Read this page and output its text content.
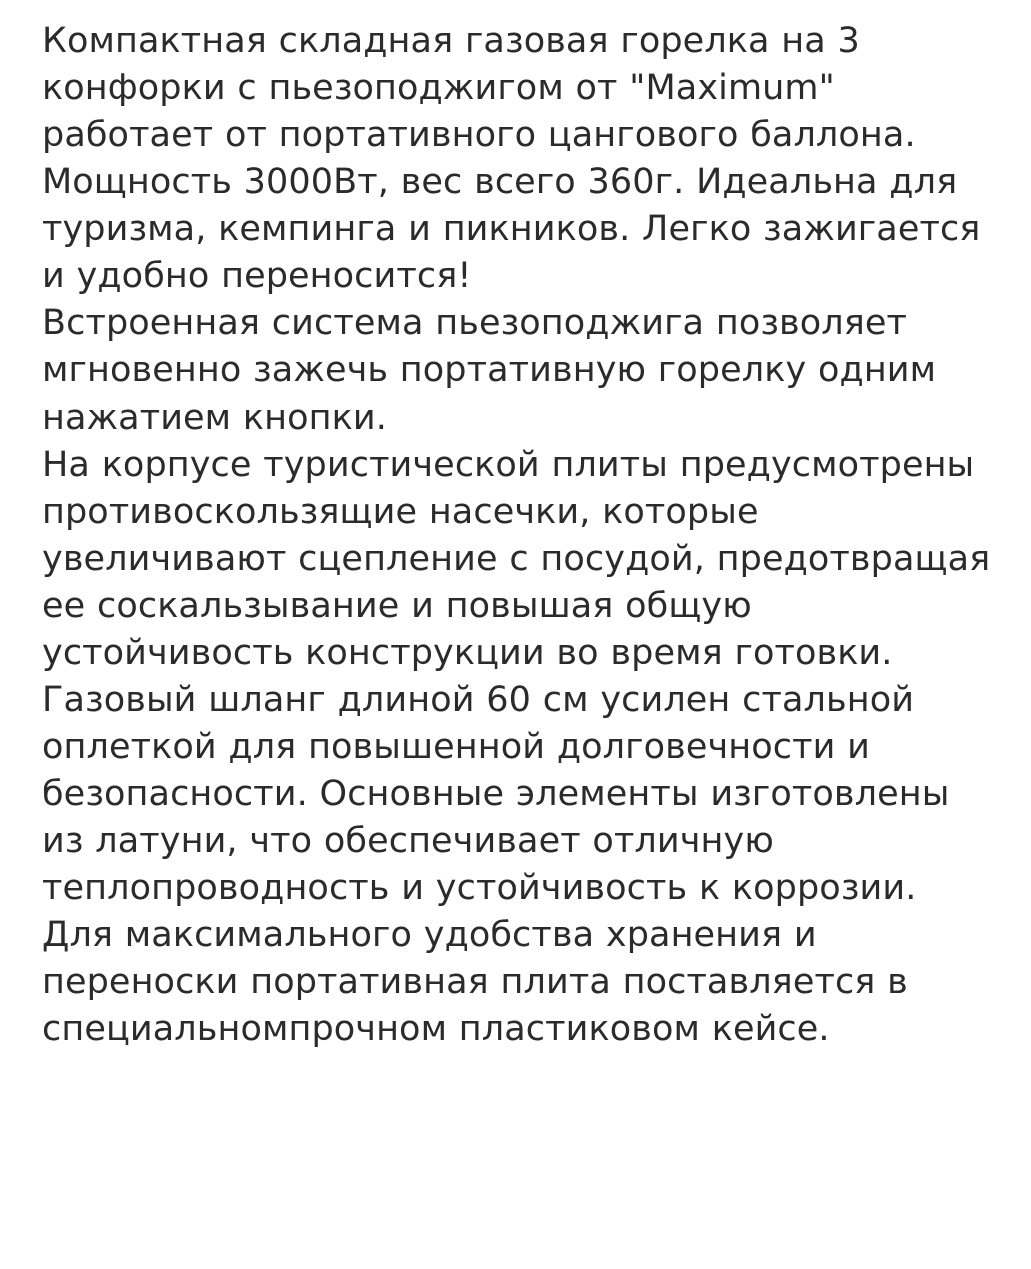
Компактная складная газовая горелка на 3 конфорки с пьезоподжигом от "Maximum" работает от портативного цангового баллона. Мощность 3000Вт, вес всего 360г. Идеальна для туризма, кемпинга и пикников. Легко зажигается и удобно переносится!

Встроенная система пьезоподжига позволяет мгновенно зажечь портативную горелку одним нажатием кнопки.

На корпусе туристической плиты предусмотрены противоскользящие насечки, которые увеличивают сцепление с посудой, предотвращая ее соскальзывание и повышая общую устойчивость конструкции во время готовки.

Газовый шланг длиной 60 см усилен стальной оплеткой для повышенной долговечности и безопасности. Основные элементы изготовлены из латуни, что обеспечивает отличную теплопроводность и устойчивость к коррозии.

Для максимального удобства хранения и переноски портативная плита поставляется в специальномпрочном пластиковом кейсе.
